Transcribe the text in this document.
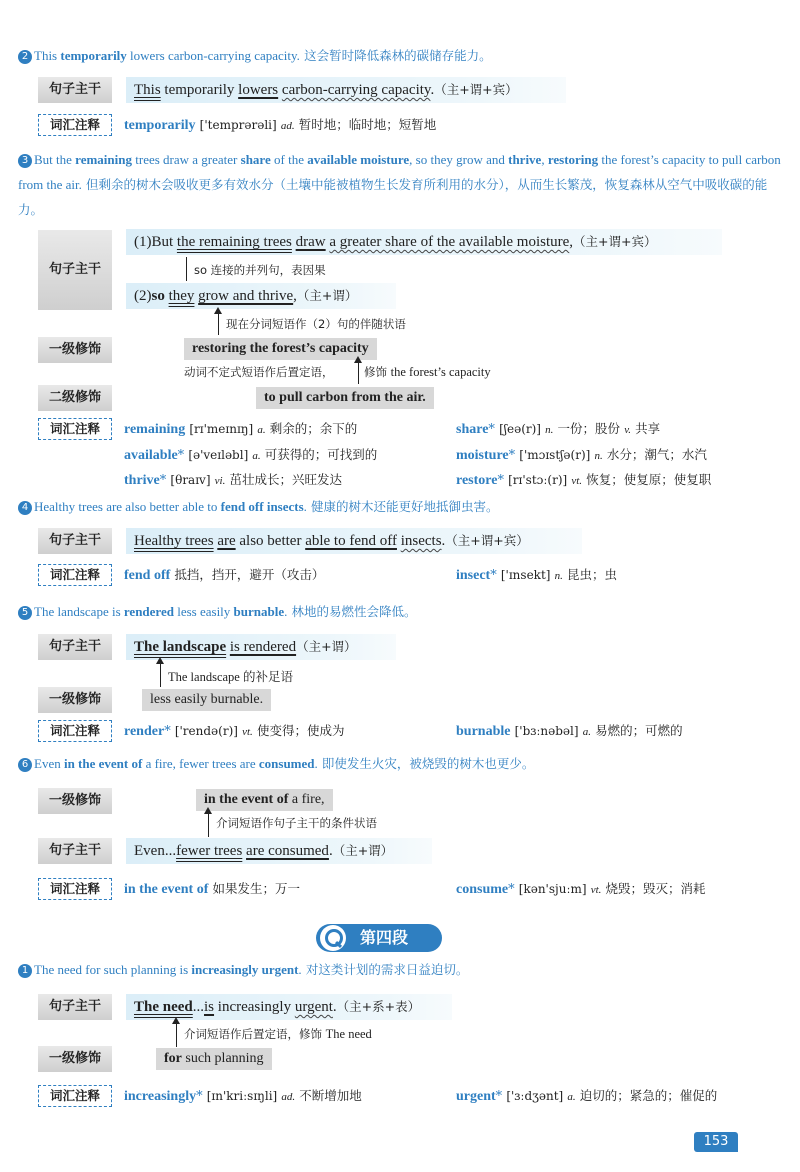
2 This temporarily lowers carbon-carrying capacity. 这会暂时降低森林的碳储存能力。
句子主干	This temporarily lowers carbon-carrying capacity.（主+谓+宾）
词汇注释	temporarily ['temprərəli] ad. 暂时地；临时地；短暂地
3 But the remaining trees draw a greater share of the available moisture, so they grow and thrive, restoring the forest’s capacity to pull carbon from the air. 但剩余的树木会吸收更多有效水分（土壤中能被植物生长发育所利用的水分），从而生长繁茂，恢复森林从空气中吸收碳的能力。
句子主干
(1)But the remaining trees draw a greater share of the available moisture,（主+谓+宾）
so 连接的并列句，表因果
(2)so they grow and thrive,（主+谓）
现在分词短语作（2）句的伴随状语
一级修饰	restoring the forest’s capacity
动词不定式短语作后置定语，	修饰 the forest’s capacity
二级修饰	to pull carbon from the air.
词汇注释	remaining [rɪ'meɪnɪŋ] a. 剩余的；余下的	share* [ʃeə(r)] n. 一份；股份 v. 共享
available* [ə'veɪləbl] a. 可获得的；可找到的	moisture* ['mɔɪstʃə(r)] n. 水分；潮气；水汽
thrive* [θraɪv] vi. 茁壮成长；兴旺发达	restore* [rɪ'stɔː(r)] vt. 恢复；使复原；使复职
4 Healthy trees are also better able to fend off insects. 健康的树木还能更好地抵御虫害。
句子主干	Healthy trees are also better able to fend off insects.（主+谓+宾）
词汇注释	fend off 抵挡，挡开，避开（攻击）	insect* ['ɪnsekt] n. 昆虫；虫
5 The landscape is rendered less easily burnable. 林地的易燃性会降低。
句子主干	The landscape is rendered（主+谓）
The landscape 的补足语
一级修饰	less easily burnable.
词汇注释	render* ['rendə(r)] vt. 使变得；使成为	burnable ['bɜːnəbəl] a. 易燃的；可燃的
6 Even in the event of a fire, fewer trees are consumed. 即使发生火灾，被烧毁的树木也更少。
一级修饰	in the event of a fire,
介词短语作句子主干的条件状语
句子主干	Even...fewer trees are consumed.（主+谓）
词汇注释	in the event of 如果发生；万一	consume* [kən'sjuːm] vt. 烧毁；毁灭；消耗
第四段
1 The need for such planning is increasingly urgent. 对这类计划的需求日益迫切。
句子主干	The need...is increasingly urgent.（主+系+表）
介词短语作后置定语，修饰 The need
一级修饰	for such planning
词汇注释	increasingly* [ɪn'kriːsɪŋli] ad. 不断增加地	urgent* ['ɜːdʒənt] a. 迫切的；紧急的；催促的
153
